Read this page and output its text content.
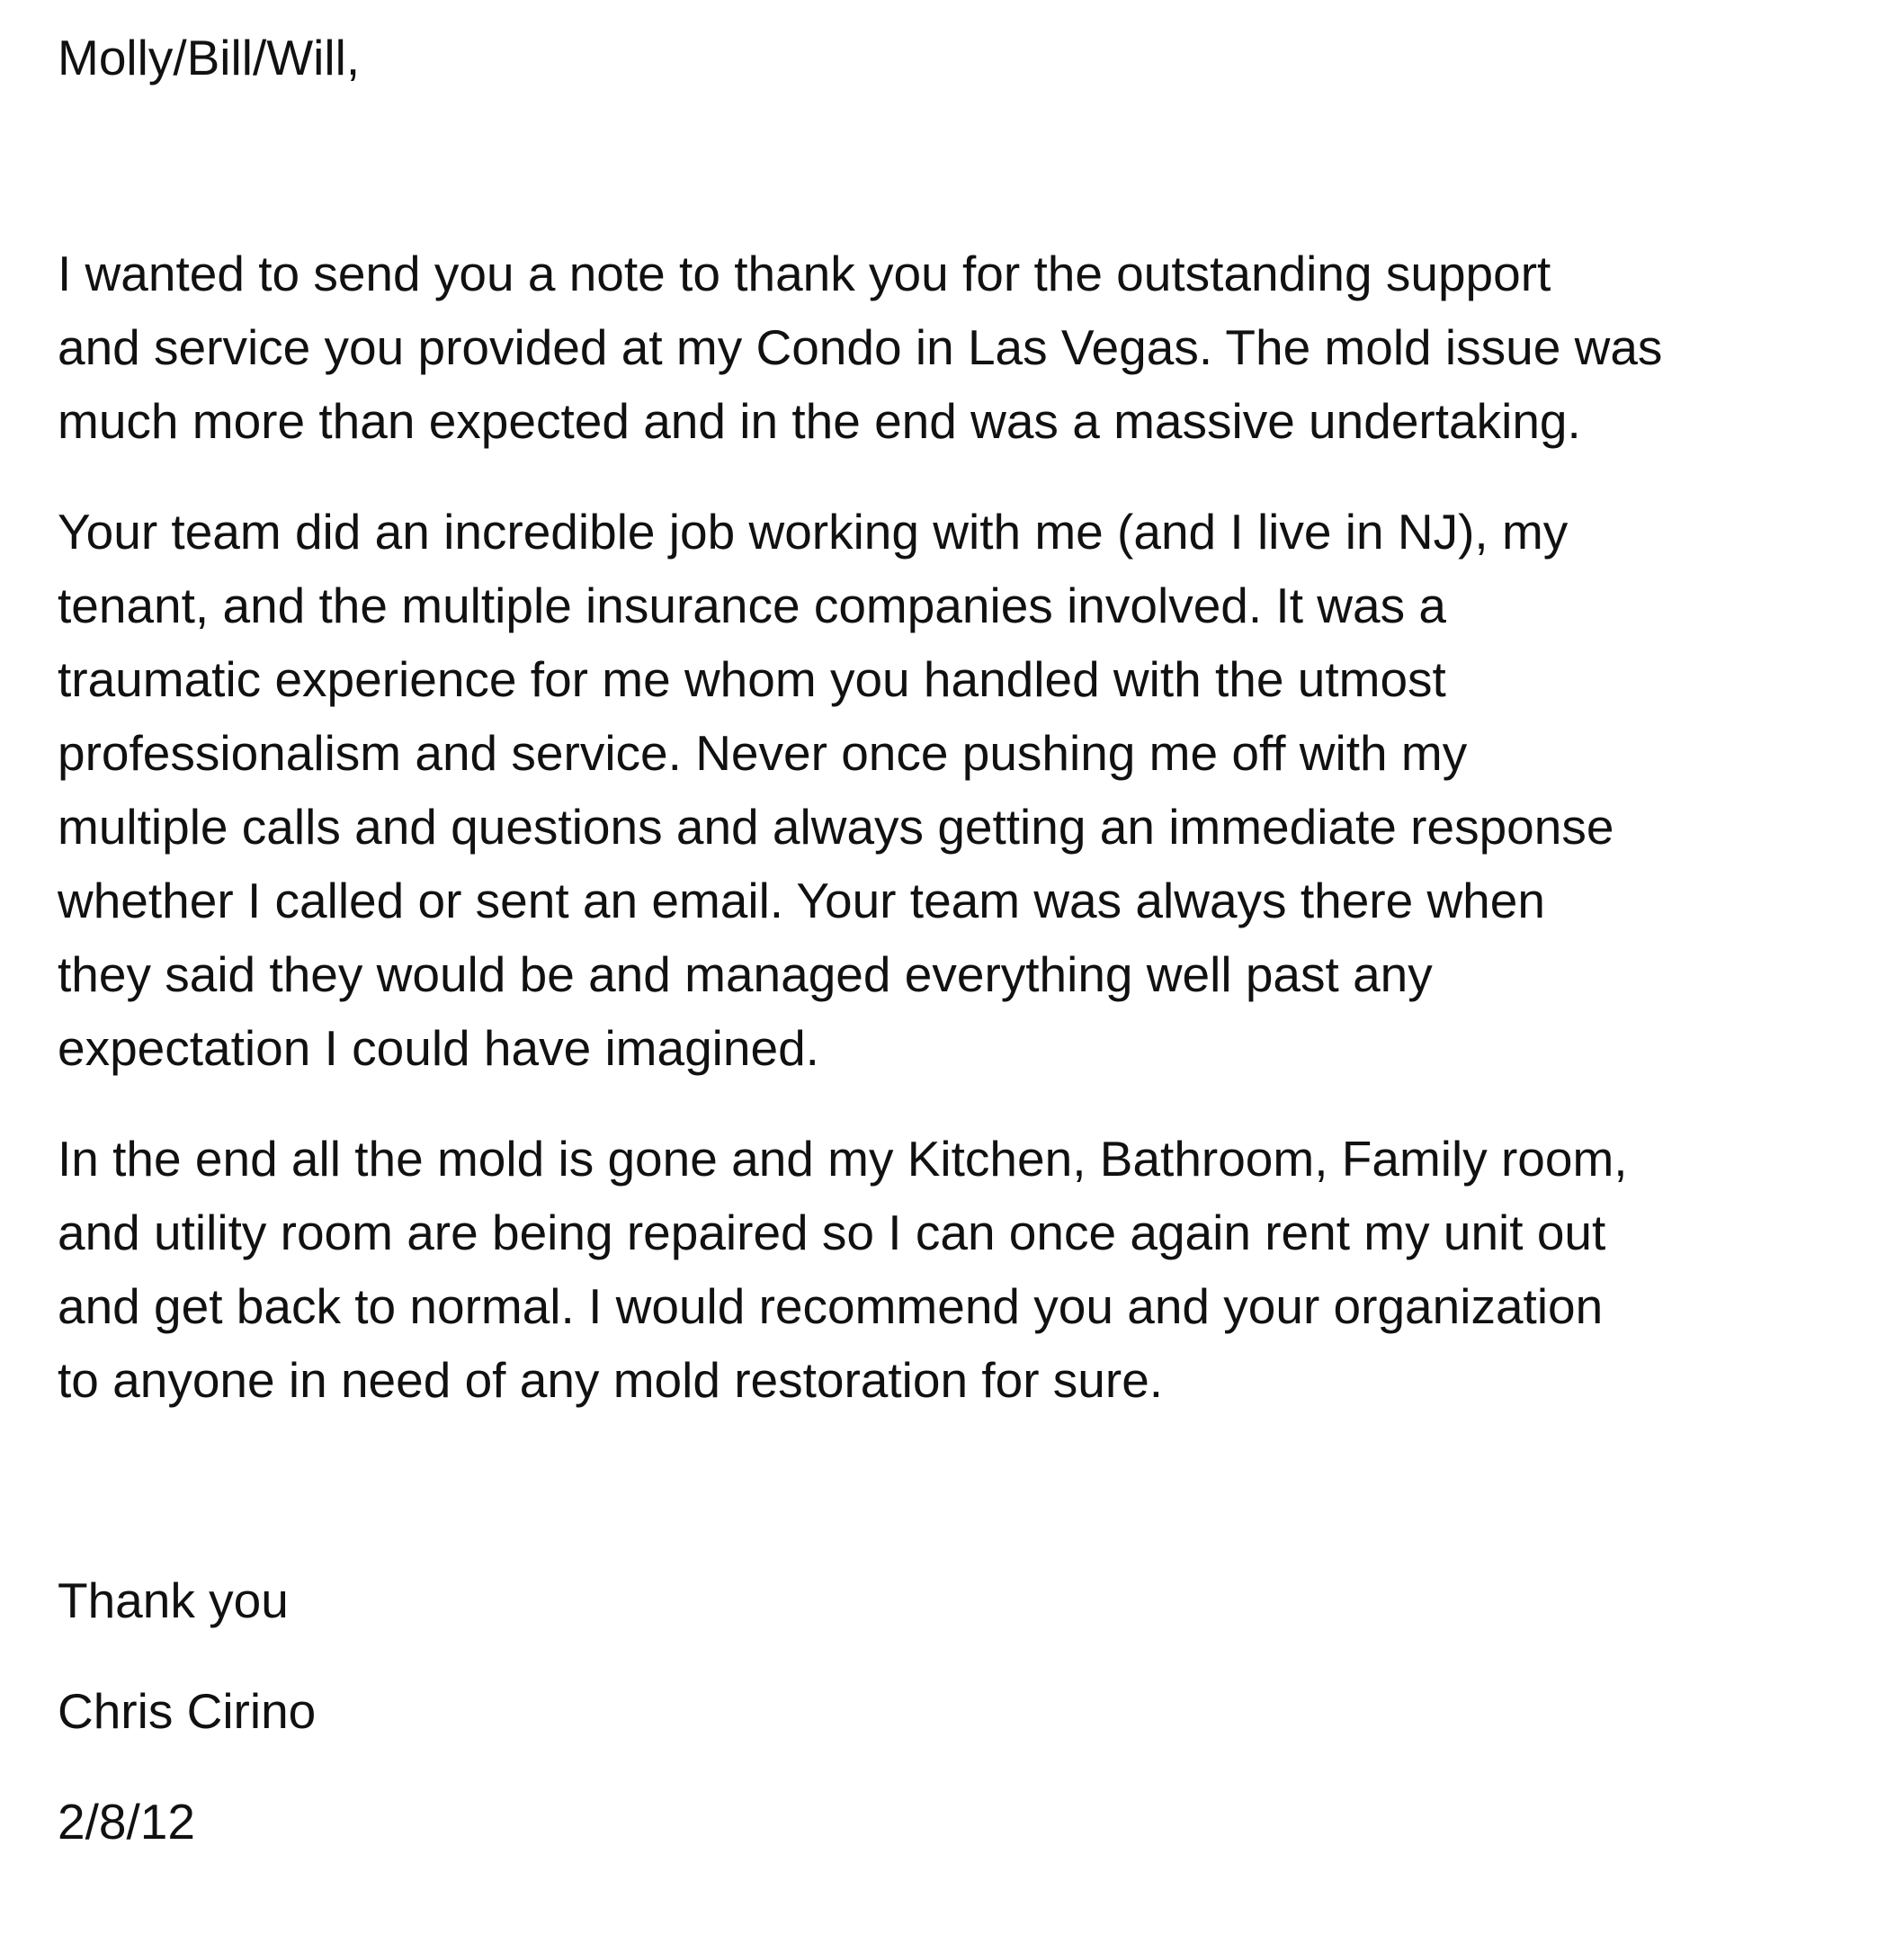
Molly/Bill/Will,
I wanted to send you a note to thank you for the outstanding support
and service you provided at my Condo in Las Vegas. The mold issue was
much more than expected and in the end was a massive undertaking.
Your team did an incredible job working with me (and I live in NJ), my
tenant, and the multiple insurance companies involved. It was a
traumatic experience for me whom you handled with the utmost
professionalism and service. Never once pushing me off with my
multiple calls and questions and always getting an immediate response
whether I called or sent an email. Your team was always there when
they said they would be and managed everything well past any
expectation I could have imagined.
In the end all the mold is gone and my Kitchen, Bathroom, Family room,
and utility room are being repaired so I can once again rent my unit out
and get back to normal. I would recommend you and your organization
to anyone in need of any mold restoration for sure.
Thank you
Chris Cirino
2/8/12
